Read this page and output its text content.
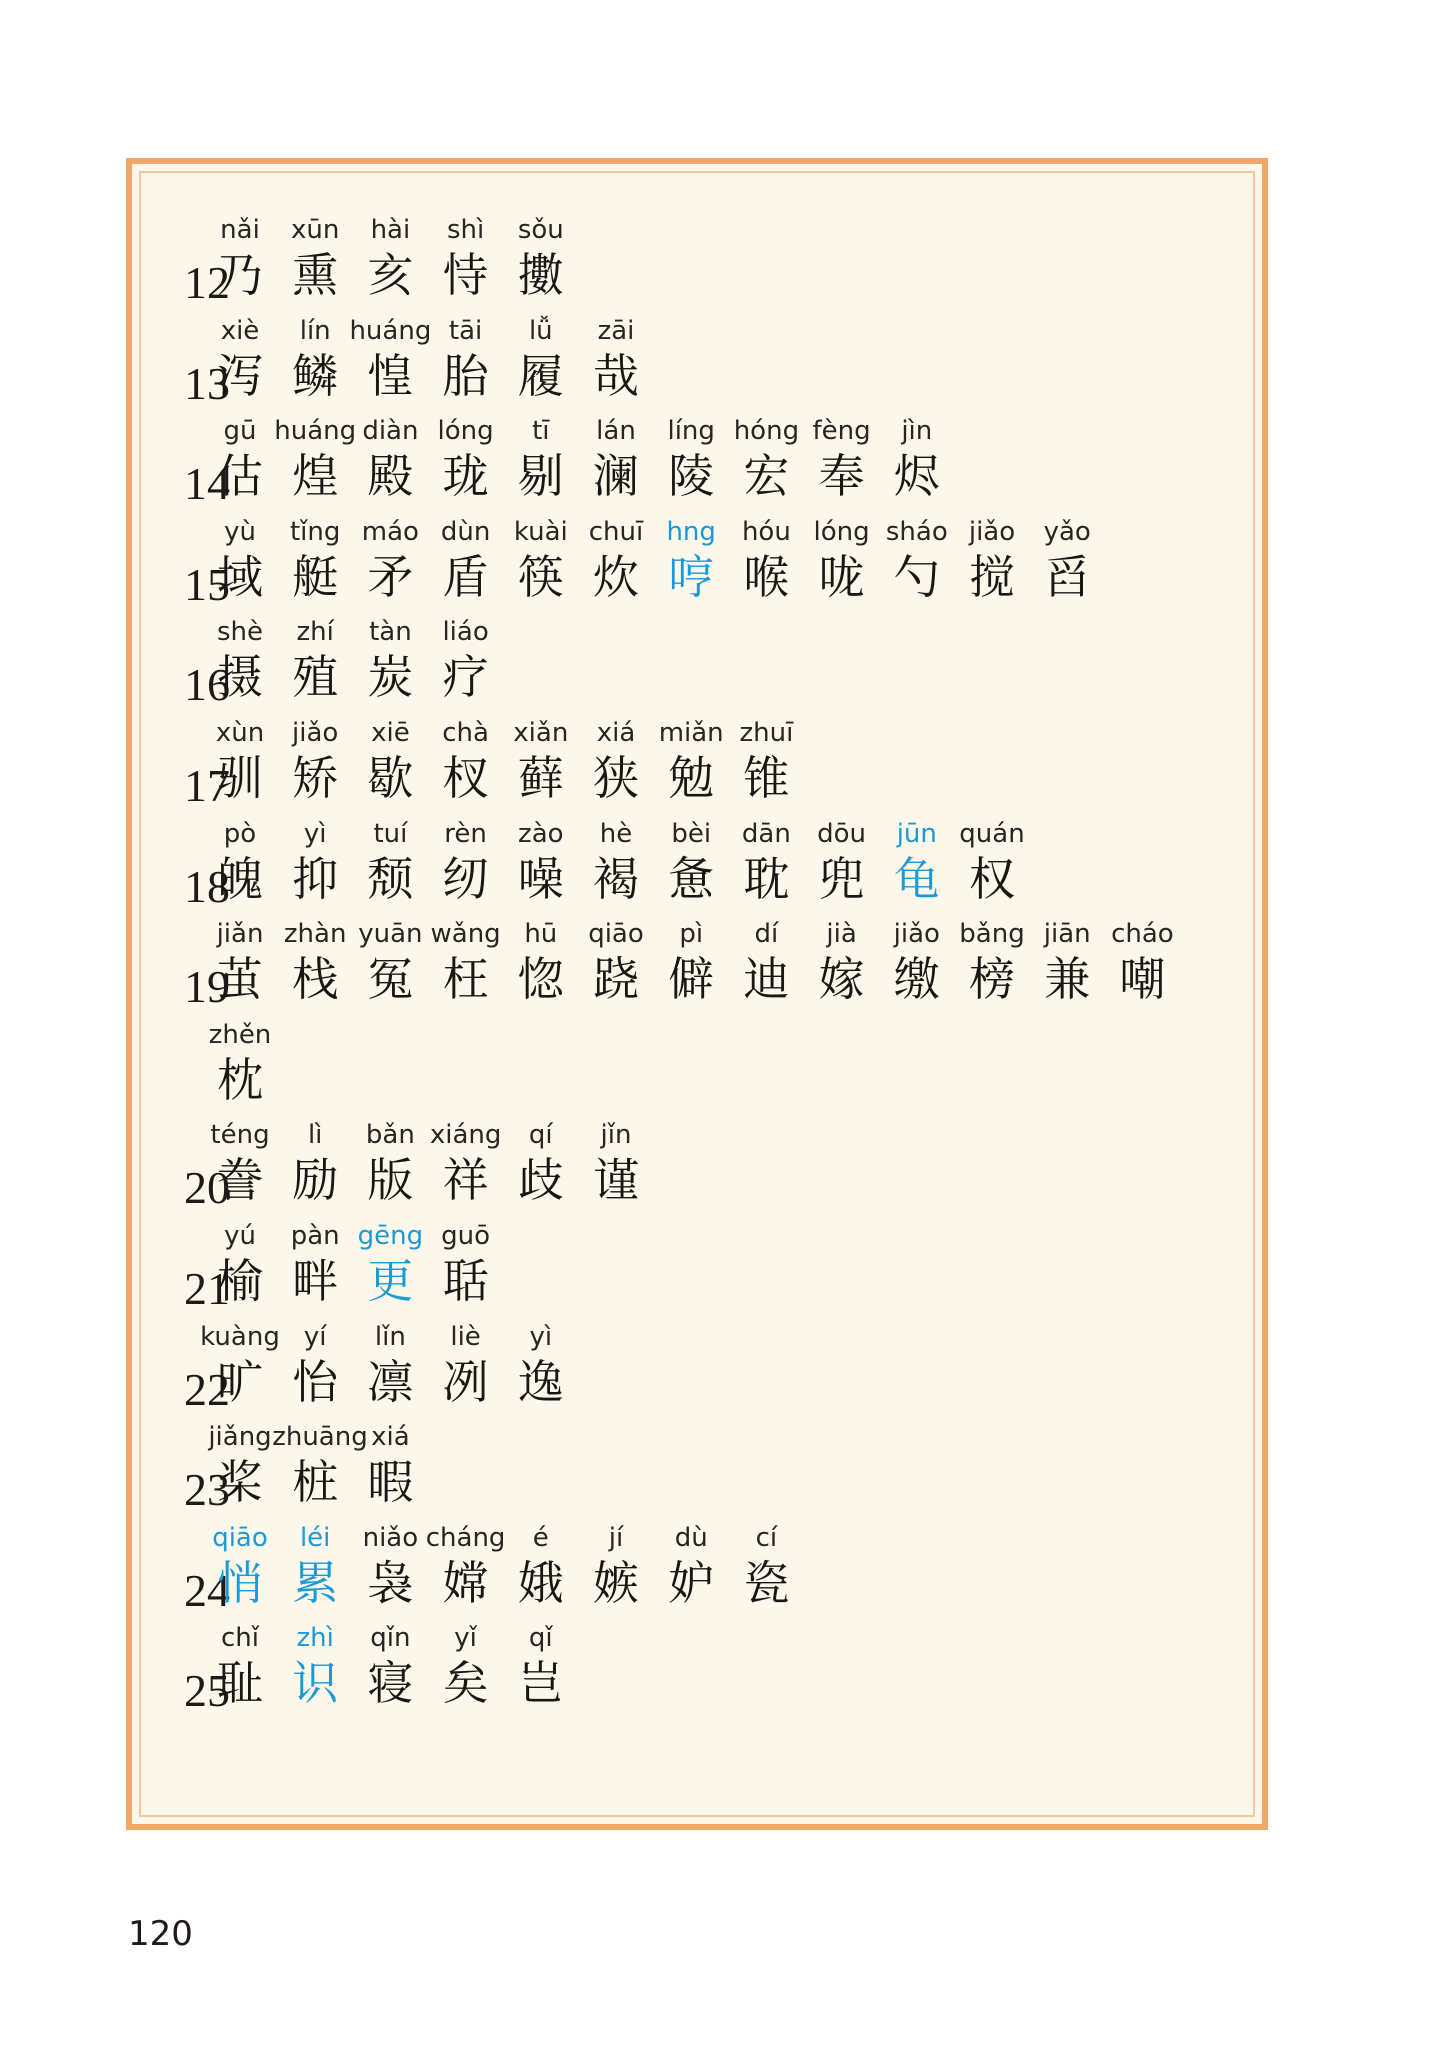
12
nǎi
乃
xūn
熏
hài
亥
shì
恃
sǒu
擻
13
xiè
泻
lín
鳞
huáng
惶
tāi
胎
lǚ
履
zāi
哉
14
gū
估
huáng
煌
diàn
殿
lóng
珑
tī
剔
lán
澜
líng
陵
hóng
宏
fèng
奉
jìn
烬
15
yù
域
tǐng
艇
máo
矛
dùn
盾
kuài
筷
chuī
炊
hng
哼
hóu
喉
lóng
咙
sháo
勺
jiǎo
搅
yǎo
舀
16
shè
摄
zhí
殖
tàn
炭
liáo
疗
17
xùn
驯
jiǎo
矫
xiē
歇
chà
杈
xiǎn
藓
xiá
狭
miǎn
勉
zhuī
锥
18
pò
魄
yì
抑
tuí
颓
rèn
纫
zào
噪
hè
褐
bèi
惫
dān
耽
dōu
兜
jūn
龟
quán
权
19
jiǎn
茧
zhàn
栈
yuān
冤
wǎng
枉
hū
惚
qiāo
跷
pì
僻
dí
迪
jià
嫁
jiǎo
缴
bǎng
榜
jiān
兼
cháo
嘲
zhěn
枕
20
téng
誊
lì
励
bǎn
版
xiáng
祥
qí
歧
jǐn
谨
21
yú
榆
pàn
畔
gēng
更
guō
聒
22
kuàng
旷
yí
怡
lǐn
凛
liè
冽
yì
逸
23
jiǎng
桨
zhuāng
桩
xiá
暇
24
qiāo
悄
léi
累
niǎo
袅
cháng
嫦
é
娥
jí
嫉
dù
妒
cí
瓷
25
chǐ
耻
zhì
识
qǐn
寝
yǐ
矣
qǐ
岂
120
